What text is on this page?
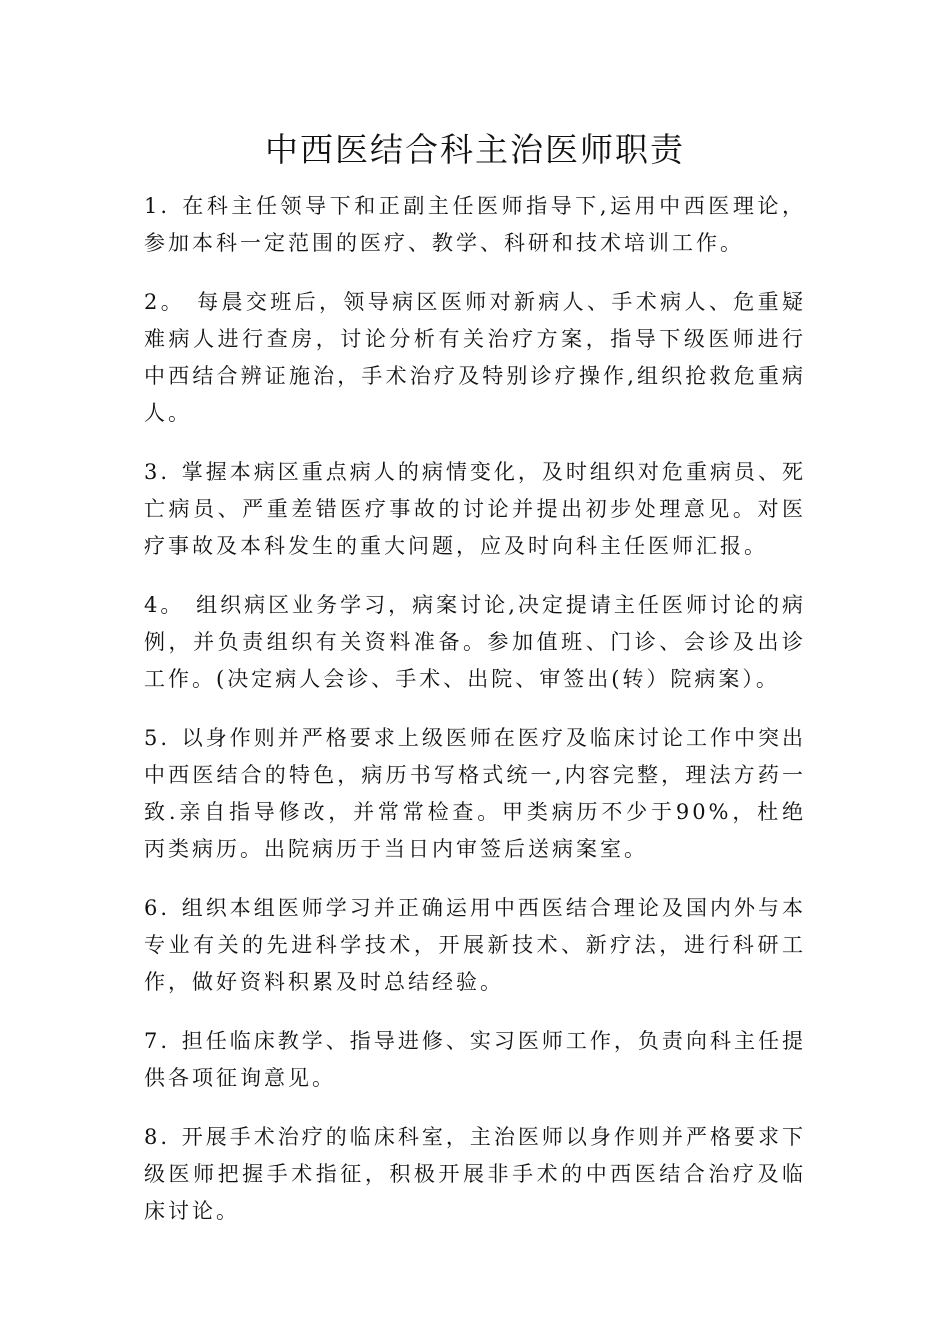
中西医结合科主治医师职责

1. 在科主任领导下和正副主任医师指导下,运用中西医理论，参加本科一定范围的医疗、教学、科研和技术培训工作。

2。 每晨交班后，领导病区医师对新病人、手术病人、危重疑难病人进行查房，讨论分析有关治疗方案，指导下级医师进行中西结合辨证施治，手术治疗及特别诊疗操作,组织抢救危重病人。

3. 掌握本病区重点病人的病情变化，及时组织对危重病员、死亡病员、严重差错医疗事故的讨论并提出初步处理意见。对医疗事故及本科发生的重大问题，应及时向科主任医师汇报。

4。 组织病区业务学习，病案讨论,决定提请主任医师讨论的病例，并负责组织有关资料准备。参加值班、门诊、会诊及出诊工作。(决定病人会诊、手术、出院、审签出(转）院病案）。

5. 以身作则并严格要求上级医师在医疗及临床讨论工作中突出中西医结合的特色，病历书写格式统一,内容完整，理法方药一致.亲自指导修改，并常常检查。甲类病历不少于90%，杜绝丙类病历。出院病历于当日内审签后送病案室。

6. 组织本组医师学习并正确运用中西医结合理论及国内外与本专业有关的先进科学技术，开展新技术、新疗法，进行科研工作，做好资料积累及时总结经验。

7. 担任临床教学、指导进修、实习医师工作，负责向科主任提供各项征询意见。

8. 开展手术治疗的临床科室，主治医师以身作则并严格要求下级医师把握手术指征，积极开展非手术的中西医结合治疗及临床讨论。
